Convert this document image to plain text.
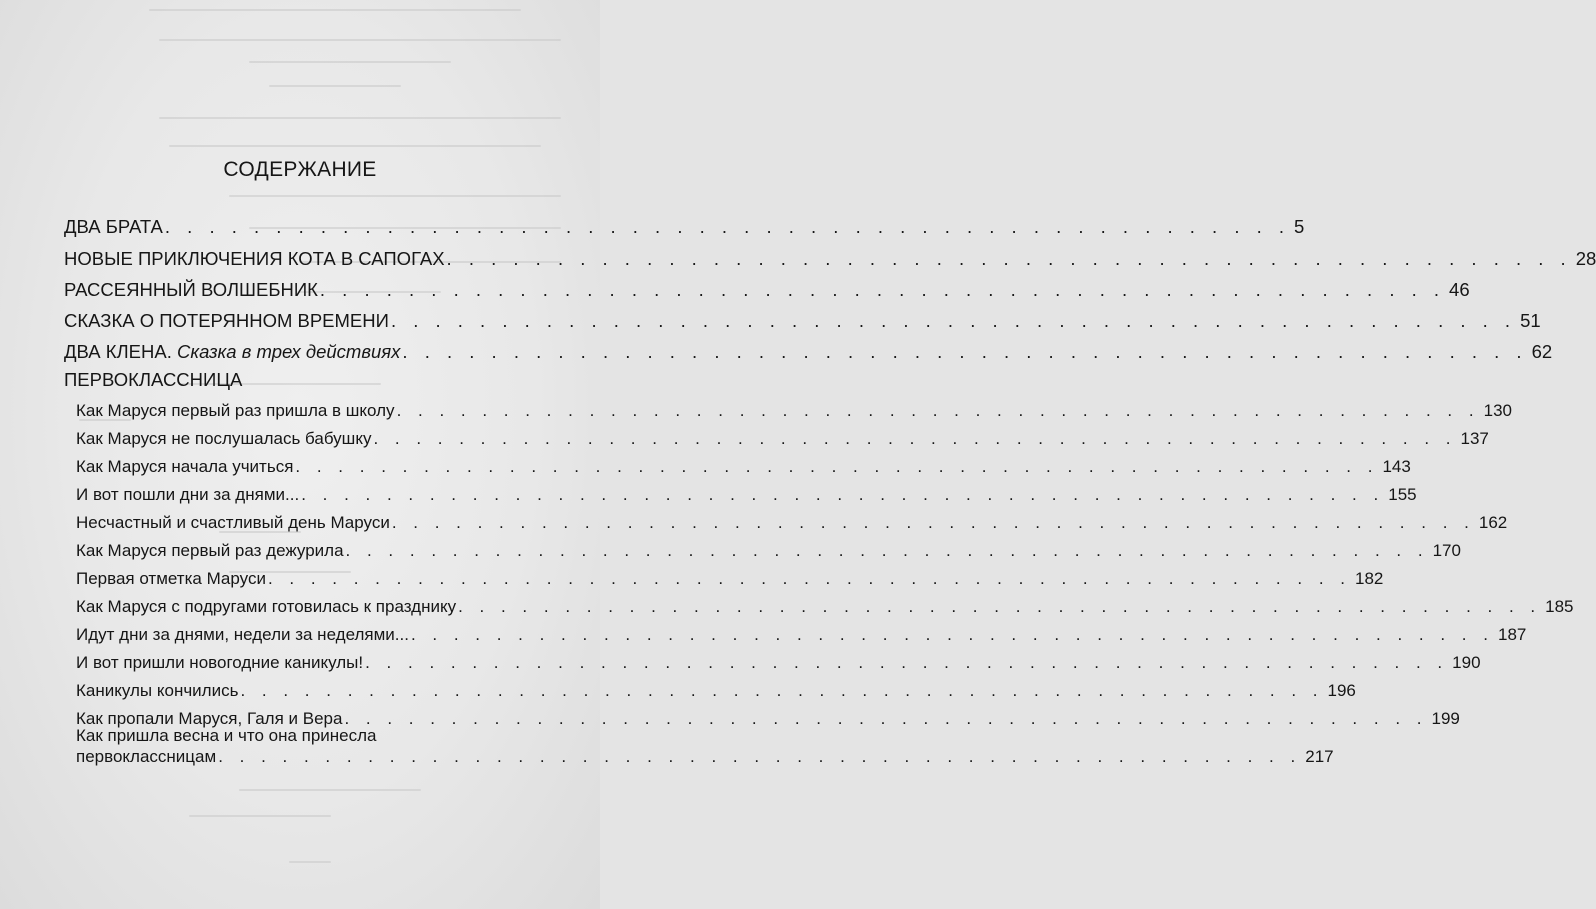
СОДЕРЖАНИЕ
ДВА БРАТА . . . . . . . . . . . . . . . . . . . . . . . . . . . . . . . . . . . . . . . . . . . . . . . . . . . 5
НОВЫЕ ПРИКЛЮЧЕНИЯ КОТА В САПОГАХ . . . . . . . . . . . . . . . . . . . . . . . . . . . . . . . . . . . . . . . . . . . . . . . . . . . 28
РАССЕЯННЫЙ ВОЛШЕБНИК . . . . . . . . . . . . . . . . . . . . . . . . . . . . . . . . . . . . . . . . . . . . . . . . . . . 46
СКАЗКА О ПОТЕРЯННОМ ВРЕМЕНИ . . . . . . . . . . . . . . . . . . . . . . . . . . . . . . . . . . . . . . . . . . . . . . . . . . . 51
ДВА КЛЕНА. Сказка в трех действиях . . . . . . . . . . . . . . . . . . . . . . . . . . . . . . . . . . . . . . . . . . . . . . . . . . . 62
ПЕРВОКЛАССНИЦА
Как Маруся первый раз пришла в школу . . . . . . . . . . . . . . . . . . . . . . . . . . . . . . . . . . . . . . . . . . . . . . . . . . . 130
Как Маруся не послушалась бабушку . . . . . . . . . . . . . . . . . . . . . . . . . . . . . . . . . . . . . . . . . . . . . . . . . . . 137
Как Маруся начала учиться . . . . . . . . . . . . . . . . . . . . . . . . . . . . . . . . . . . . . . . . . . . . . . . . . . . 143
И вот пошли дни за днями... . . . . . . . . . . . . . . . . . . . . . . . . . . . . . . . . . . . . . . . . . . . . . . . . . . . 155
Несчастный и счастливый день Маруси . . . . . . . . . . . . . . . . . . . . . . . . . . . . . . . . . . . . . . . . . . . . . . . . . . . 162
Как Маруся первый раз дежурила . . . . . . . . . . . . . . . . . . . . . . . . . . . . . . . . . . . . . . . . . . . . . . . . . . . 170
Первая отметка Маруси . . . . . . . . . . . . . . . . . . . . . . . . . . . . . . . . . . . . . . . . . . . . . . . . . . . 182
Как Маруся с подругами готовилась к празднику . . . . . . . . . . . . . . . . . . . . . . . . . . . . . . . . . . . . . . . . . . . . . . . . . . . 185
Идут дни за днями, недели за неделями... . . . . . . . . . . . . . . . . . . . . . . . . . . . . . . . . . . . . . . . . . . . . . . . . . . . 187
И вот пришли новогодние каникулы! . . . . . . . . . . . . . . . . . . . . . . . . . . . . . . . . . . . . . . . . . . . . . . . . . . . 190
Каникулы кончились . . . . . . . . . . . . . . . . . . . . . . . . . . . . . . . . . . . . . . . . . . . . . . . . . . . 196
Как пропали Маруся, Галя и Вера . . . . . . . . . . . . . . . . . . . . . . . . . . . . . . . . . . . . . . . . . . . . . . . . . . . 199
Как пришла весна и что она принесла
первоклассницам . . . . . . . . . . . . . . . . . . . . . . . . . . . . . . . . . . . . . . . . . . . . . . . . . . . 217
